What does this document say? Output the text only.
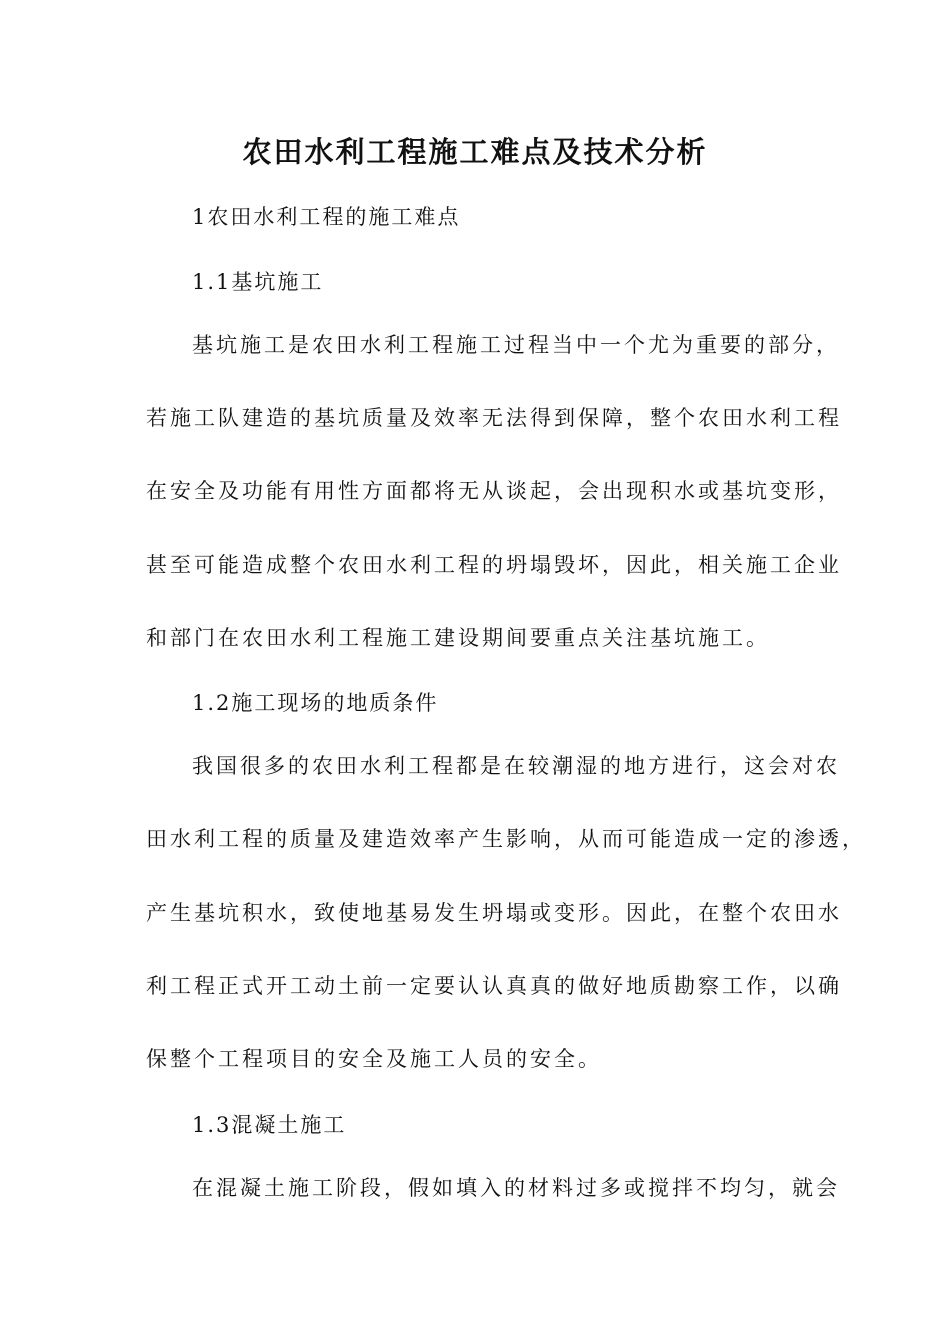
农田水利工程施工难点及技术分析
1农田水利工程的施工难点
1.1基坑施工
基坑施工是农田水利工程施工过程当中一个尤为重要的部分，
若施工队建造的基坑质量及效率无法得到保障，整个农田水利工程
在安全及功能有用性方面都将无从谈起，会出现积水或基坑变形，
甚至可能造成整个农田水利工程的坍塌毁坏，因此，相关施工企业
和部门在农田水利工程施工建设期间要重点关注基坑施工。
1.2施工现场的地质条件
我国很多的农田水利工程都是在较潮湿的地方进行，这会对农
田水利工程的质量及建造效率产生影响，从而可能造成一定的渗透，
产生基坑积水，致使地基易发生坍塌或变形。因此，在整个农田水
利工程正式开工动土前一定要认认真真的做好地质勘察工作，以确
保整个工程项目的安全及施工人员的安全。
1.3混凝土施工
在混凝土施工阶段，假如填入的材料过多或搅拌不均匀，就会
